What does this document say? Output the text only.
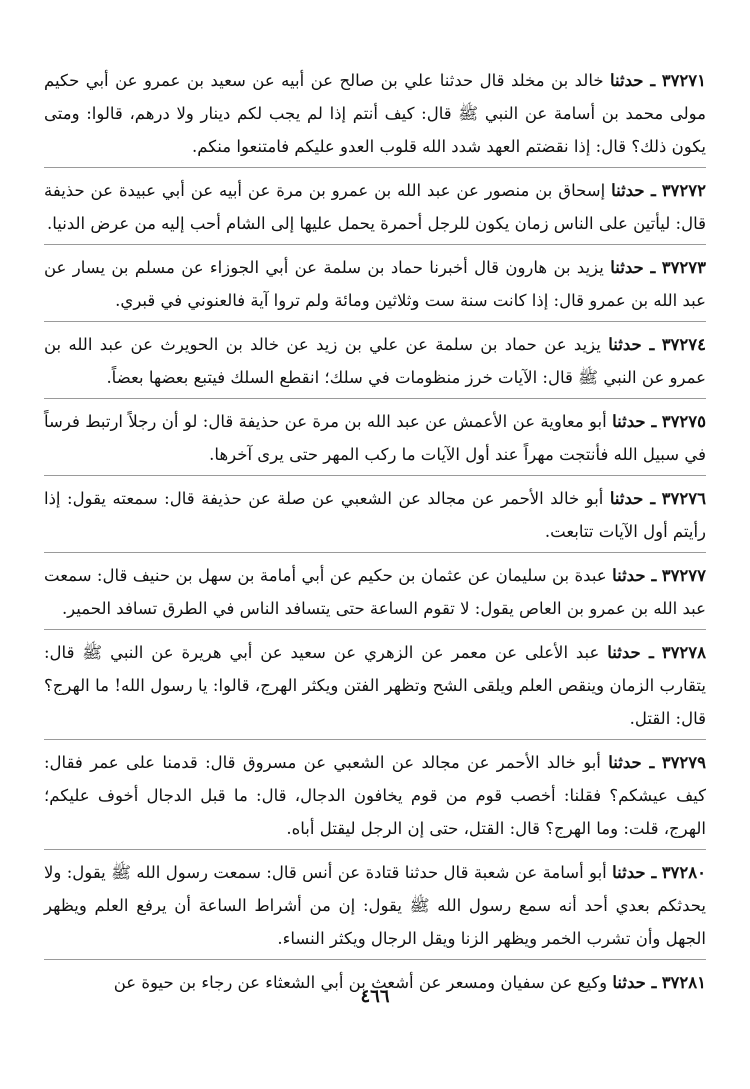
٣٧٢٧١ ـ حدثنا خالد بن مخلد قال حدثنا علي بن صالح عن أبيه عن سعيد بن عمرو عن أبي حكيم مولى محمد بن أسامة عن النبي ﷺ قال: كيف أنتم إذا لم يجب لكم دينار ولا درهم، قالوا: ومتى يكون ذلك؟ قال: إذا نقضتم العهد شدد الله قلوب العدو عليكم فامتنعوا منكم.

٣٧٢٧٢ ـ حدثنا إسحاق بن منصور عن عبد الله بن عمرو بن مرة عن أبيه عن أبي عبيدة عن حذيفة قال: ليأتين على الناس زمان يكون للرجل أحمرة يحمل عليها إلى الشام أحب إليه من عرض الدنيا.

٣٧٢٧٣ ـ حدثنا يزيد بن هارون قال أخبرنا حماد بن سلمة عن أبي الجوزاء عن مسلم بن يسار عن عبد الله بن عمرو قال: إذا كانت سنة ست وثلاثين ومائة ولم تروا آية فالعنوني في قبري.

٣٧٢٧٤ ـ حدثنا يزيد عن حماد بن سلمة عن علي بن زيد عن خالد بن الحويرث عن عبد الله بن عمرو عن النبي ﷺ قال: الآيات خرز منظومات في سلك؛ انقطع السلك فيتبع بعضها بعضاً.

٣٧٢٧٥ ـ حدثنا أبو معاوية عن الأعمش عن عبد الله بن مرة عن حذيفة قال: لو أن رجلاً ارتبط فرساً في سبيل الله فأنتجت مهراً عند أول الآيات ما ركب المهر حتى يرى آخرها.

٣٧٢٧٦ ـ حدثنا أبو خالد الأحمر عن مجالد عن الشعبي عن صلة عن حذيفة قال: سمعته يقول: إذا رأيتم أول الآيات تتابعت.

٣٧٢٧٧ ـ حدثنا عبدة بن سليمان عن عثمان بن حكيم عن أبي أمامة بن سهل بن حنيف قال: سمعت عبد الله بن عمرو بن العاص يقول: لا تقوم الساعة حتى يتسافد الناس في الطرق تسافد الحمير.

٣٧٢٧٨ ـ حدثنا عبد الأعلى عن معمر عن الزهري عن سعيد عن أبي هريرة عن النبي ﷺ قال: يتقارب الزمان وينقص العلم ويلقى الشح وتظهر الفتن ويكثر الهرج، قالوا: يا رسول الله! ما الهرج؟ قال: القتل.

٣٧٢٧٩ ـ حدثنا أبو خالد الأحمر عن مجالد عن الشعبي عن مسروق قال: قدمنا على عمر فقال: كيف عيشكم؟ فقلنا: أخصب قوم من قوم يخافون الدجال، قال: ما قبل الدجال أخوف عليكم؛ الهرج، قلت: وما الهرج؟ قال: القتل، حتى إن الرجل ليقتل أباه.

٣٧٢٨٠ ـ حدثنا أبو أسامة عن شعبة قال حدثنا قتادة عن أنس قال: سمعت رسول الله ﷺ يقول: ولا يحدثكم بعدي أحد أنه سمع رسول الله ﷺ يقول: إن من أشراط الساعة أن يرفع العلم ويظهر الجهل وأن تشرب الخمر ويظهر الزنا ويقل الرجال ويكثر النساء.

٣٧٢٨١ ـ حدثنا وكيع عن سفيان ومسعر عن أشعث بن أبي الشعثاء عن رجاء بن حيوة عن

٤٦٦
